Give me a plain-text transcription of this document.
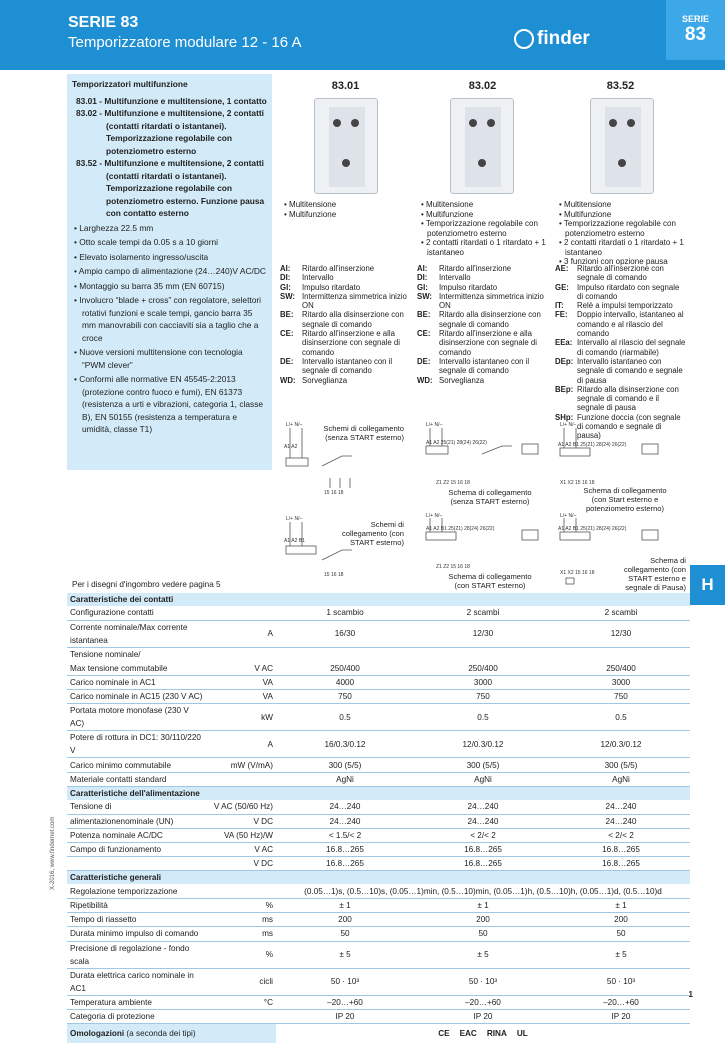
SERIE 83
Temporizzatore modulare 12 - 16 A	finder
SERIE
83
H
Temporizzatori multifunzione
83.01 - Multifunzione e multitensione, 1 contatto
83.02 - Multifunzione e multitensione, 2 contatti (contatti ritardati o istantanei). Temporizzazione regolabile con potenziometro esterno
83.52 - Multifunzione e multitensione, 2 contatti (contatti ritardati o istantanei). Temporizzazione regolabile con potenziometro esterno. Funzione pausa con contatto esterno
• Larghezza 22.5 mm
• Otto scale tempi da 0.05 s a 10 giorni
• Elevato isolamento ingresso/uscita
• Ampio campo di alimentazione (24…240)V AC/DC
• Montaggio su barra 35 mm (EN 60715)
• Involucro “blade + cross” con regolatore, selettori rotativi funzioni e scale tempi, gancio barra 35 mm manovrabili con cacciaviti sia a taglio che a croce
• Nuove versioni multitensione con tecnologia “PWM clever”
• Conformi alle normative EN 45545-2:2013 (protezione contro fuoco e fumi), EN 61373 (resistenza a urti e vibrazioni, categoria 1, classe B), EN 50155 (resistenza a temperatura e umidità, classe T1)
83.01	83.02	83.52
• Multitensione
• Multifunzione
• Multitensione
• Multifunzione
• Temporizzazione regolabile con potenziometro esterno
• 2 contatti ritardati o 1 ritardato + 1 istantaneo
• Multitensione
• Multifunzione
• Temporizzazione regolabile con potenziometro esterno
• 2 contatti ritardati o 1 ritardato + 1 istantaneo
• 3 funzioni con opzione pausa
AI:	Ritardo all'inserzione
DI:	Intervallo
GI:	Impulso ritardato
SW: Intermittenza simmetrica inizio ON
BE:	Ritardo alla disinserzione con segnale di comando
CE:	Ritardo all'inserzione e alla disinserzione con segnale di comando
DE:	Intervallo istantaneo con il segnale di comando
WD: Sorveglianza
AI:	Ritardo all'inserzione
DI:	Intervallo
GI:	Impulso ritardato
SW: Intermittenza simmetrica inizio ON
BE:	Ritardo alla disinserzione con segnale di comando
CE:	Ritardo all'inserzione e alla disinserzione con segnale di comando
DE:	Intervallo istantaneo con il segnale di comando
WD: Sorveglianza
AE:	Ritardo all'inserzione con segnale di comando
GE:	Impulso ritardato con segnale di comando
IT:	Relè a impulsi temporizzato
FE:	Doppio intervallo, istantaneo al comando e al rilascio del comando
EEa: Intervallo al rilascio del segnale di comando (riarmabile)
DEp: Intervallo istantaneo con segnale di comando e segnale di pausa
BEp: Ritardo alla disinserzione con segnale di comando e il segnale di pausa
SHp: Funzione doccia (con segnale di comando e segnale di pausa)
L/+ N/–
A1 A2
15 16 18
Schemi di collegamento (senza START esterno)
L/+ N/–
A1 A2 B1
15 16 18
Schemi di collegamento (con START esterno)
L/+ N/–
A1 A2 25(21) 28(24) 26(22)
Z1 Z2 15 16 18
Schema di collegamento (senza START esterno)
L/+ N/–
A1 A2 B1 25(21) 28(24) 26(22)
Z1 Z2 15 16 18
Schema di collegamento (con START esterno)
L/+ N/–
A1 A2 B1 25(21) 28(24) 26(22)
X1 X2 15 16 18
Schema di collegamento (con Start esterno e potenziometro esterno)
L/+ N/–
A1 A2 B1 25(21) 28(24) 26(22)
X1 X2 15 16 18
Schema di collegamento (con START esterno e segnale di Pausa)
Per i disegni d'ingombro vedere pagina 5
Caratteristiche dei contatti				
Configurazione contatti		1 scambio	2 scambi	2 scambi
Corrente nominale/Max corrente istantanea	A	16/30	12/30	12/30
Tensione nominale/				
Max tensione commutabile	V AC	250/400	250/400	250/400
Carico nominale in AC1	VA	4000	3000	3000
Carico nominale in AC15 (230 V AC)	VA	750	750	750
Portata motore monofase (230 V AC)	kW	0.5	0.5	0.5
Potere di rottura in DC1: 30/110/220 V	A	16/0.3/0.12	12/0.3/0.12	12/0.3/0.12
Carico minimo commutabile	mW (V/mA)	300 (5/5)	300 (5/5)	300 (5/5)
Materiale contatti standard		AgNi	AgNi	AgNi
Caratteristiche dell'alimentazione				
Tensione di	V AC (50/60 Hz)	24…240	24…240	24…240
alimentazionenominale (UN)	V DC	24…240	24…240	24…240
Potenza nominale AC/DC	VA (50 Hz)/W	< 1.5/< 2	< 2/< 2	< 2/< 2
Campo di funzionamento	V AC	16.8…265	16.8…265	16.8…265
	V DC	16.8…265	16.8…265	16.8…265
Caratteristiche generali				
Regolazione temporizzazione		(0.05…1)s, (0.5…10)s, (0.05…1)min, (0.5…10)min, (0.05…1)h, (0.5…10)h, (0.05…1)d, (0.5…10)d		
Ripetibilità	%	± 1	± 1	± 1
Tempo di riassetto	ms	200	200	200
Durata minimo impulso di comando	ms	50	50	50
Precisione di regolazione - fondo scala	%	± 5	± 5	± 5
Durata elettrica carico nominale in AC1	cicli	50 · 10³	50 · 10³	50 · 10³
Temperatura ambiente	°C	–20…+60	–20…+60	–20…+60
Categoria di protezione		IP 20	IP 20	IP 20
Omologazioni (a seconda dei tipi)		CE EAC RINA UL		
X-2016, www.findernet.com
1
